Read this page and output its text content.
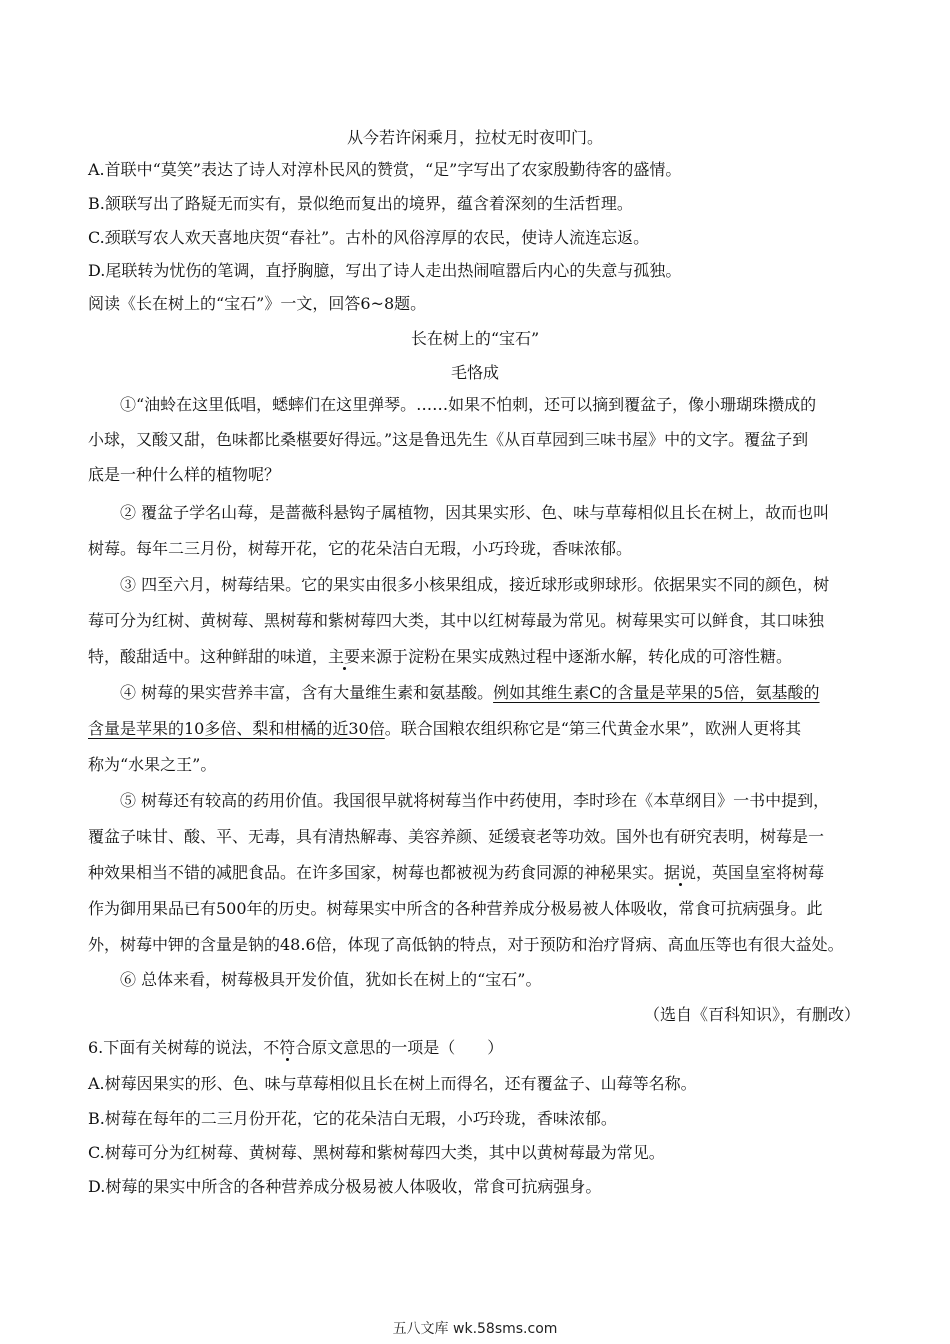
从今若许闲乘月，拉杖无时夜叩门。
A.首联中“莫笑”表达了诗人对淳朴民风的赞赏，“足”字写出了农家殷勤待客的盛情。
B.颔联写出了路疑无而实有，景似绝而复出的境界，蕴含着深刻的生活哲理。
C.颈联写农人欢天喜地庆贺“春社”。古朴的风俗淳厚的农民，使诗人流连忘返。
D.尾联转为忧伤的笔调，直抒胸臆，写出了诗人走出热闹喧嚣后内心的失意与孤独。
阅读《长在树上的“宝石”》一文，回答6~8题。
长在树上的“宝石”
毛恪成
①“油蛉在这里低唱，蟋蟀们在这里弹琴。……如果不怕刺，还可以摘到覆盆子，像小珊瑚珠攒成的
小球，又酸又甜，色味都比桑椹要好得远。”这是鲁迅先生《从百草园到三味书屋》中的文字。覆盆子到
底是一种什么样的植物呢？
② 覆盆子学名山莓，是蔷薇科悬钩子属植物，因其果实形、色、味与草莓相似且长在树上，故而也叫
树莓。每年二三月份，树莓开花，它的花朵洁白无瑕，小巧玲珑，香味浓郁。
③ 四至六月，树莓结果。它的果实由很多小核果组成，接近球形或卵球形。依据果实不同的颜色，树
莓可分为红树、黄树莓、黑树莓和紫树莓四大类，其中以红树莓最为常见。树莓果实可以鲜食，其口味独
特，酸甜适中。这种鲜甜的味道，主要来源于淀粉在果实成熟过程中逐渐水解，转化成的可溶性糖。
④ 树莓的果实营养丰富，含有大量维生素和氨基酸。例如其维生素C的含量是苹果的5倍，氨基酸的
含量是苹果的10多倍、梨和柑橘的近30倍。联合国粮农组织称它是“第三代黄金水果”，欧洲人更将其
称为“水果之王”。
⑤ 树莓还有较高的药用价值。我国很早就将树莓当作中药使用，李时珍在《本草纲目》一书中提到，
覆盆子味甘、酸、平、无毒，具有清热解毒、美容养颜、延缓衰老等功效。国外也有研究表明，树莓是一
种效果相当不错的减肥食品。在许多国家，树莓也都被视为药食同源的神秘果实。据说，英国皇室将树莓
作为御用果品已有500年的历史。树莓果实中所含的各种营养成分极易被人体吸收，常食可抗病强身。此
外，树莓中钾的含量是钠的48.6倍，体现了高低钠的特点，对于预防和治疗肾病、高血压等也有很大益处。
⑥ 总体来看，树莓极具开发价值，犹如长在树上的“宝石”。
（选自《百科知识》，有删改）
6.下面有关树莓的说法，不符合原文意思的一项是（　　）
A.树莓因果实的形、色、味与草莓相似且长在树上而得名，还有覆盆子、山莓等名称。
B.树莓在每年的二三月份开花，它的花朵洁白无瑕，小巧玲珑，香味浓郁。
C.树莓可分为红树莓、黄树莓、黑树莓和紫树莓四大类，其中以黄树莓最为常见。
D.树莓的果实中所含的各种营养成分极易被人体吸收，常食可抗病强身。
五八文库 wk.58sms.com
